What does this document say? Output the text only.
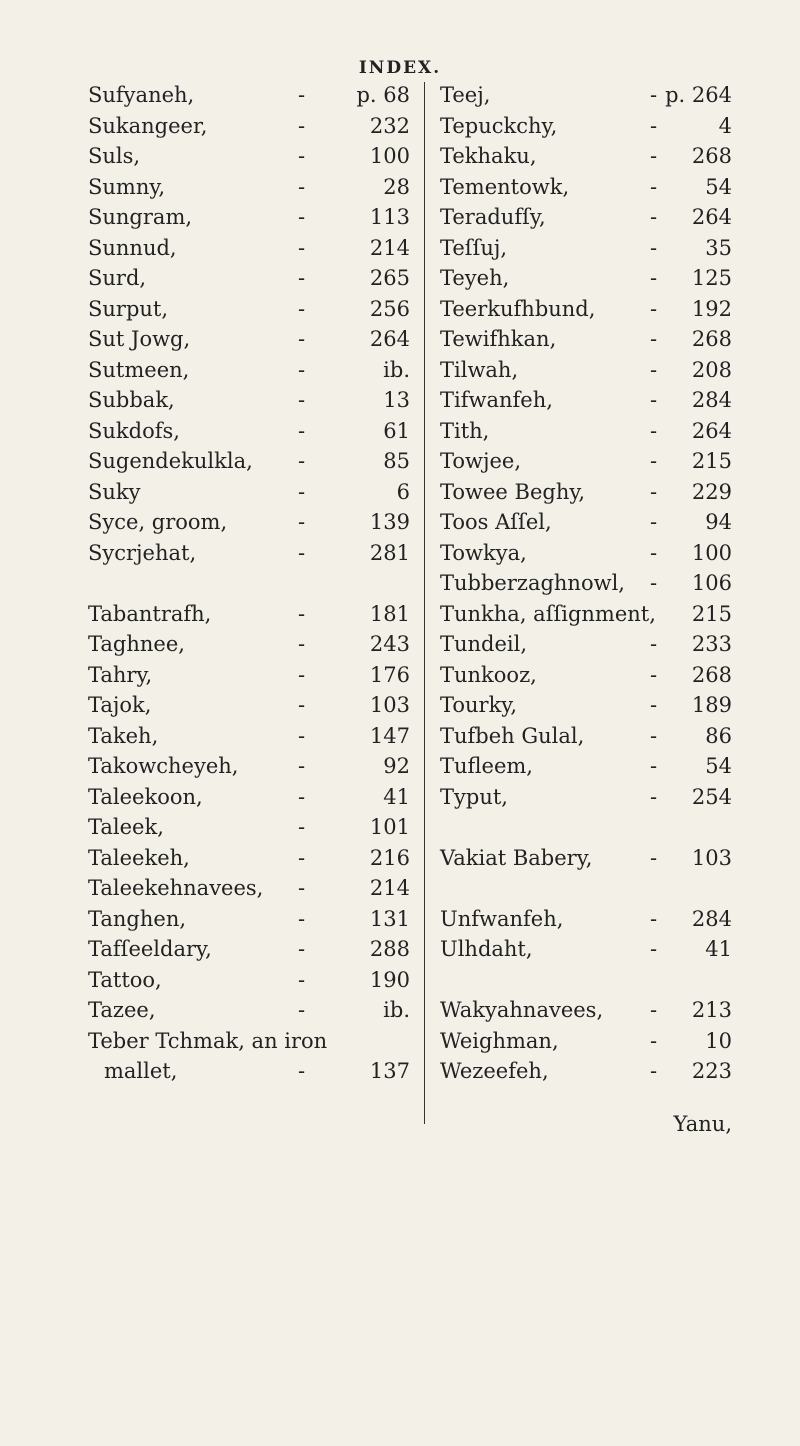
INDEX.
Sufyaneh,	- p. 68
Sukangeer,	-	232
Suls,	-	100
Sumny,	-	28
Sungram,	-	113
Sunnud,	-	214
Surd,	-	265
Surput,	-	256
Sut Jowg,	-	264
Sutmeen,	-	ib.
Subbak,	-	13
Sukdofs,	-	61
Sugendekulkla, -	85
Suky	-	6
Syce, groom,	-	139
Sycrjehat,	-	281
Tabantrafh,	-	181
Taghnee,	-	243
Tahry,	-	176
Tajok,	-	103
Takeh,	-	147
Takowcheyeh,	-	92
Taleekoon,	-	41
Taleek,	-	101
Taleekeh,	-	216
Taleekehnavees, -	214
Tanghen,	-	131
Tafſeeldary,	-	288
Tattoo,	-	190
Tazee,	-	ib.
Teber Tchmak, an iron
mallet,	-	137
Teej,	- p. 264
Tepuckchy,	-	4
Tekhaku,	- 268
Tementowk,	- 54
Teradufſy,	- 264
Teſſuj,	- 35
Teyeh,	- 125
Teerkufhbund,	- 192
Tewifhkan,	- 268
Tilwah,	- 208
Tifwanfeh,	- 284
Tith,	- 264
Towjee,	- 215
Towee Beghy,	- 229
Toos Aſſel,	- 94
Towkya,	- 100
Tubberzaghnowl, - 106
Tunkha, aſſignment, 215
Tundeil,	- 233
Tunkooz,	- 268
Tourky,	- 189
Tufbeh Gulal,	- 86
Tufleem,	- 54
Typut,	- 254
Vakiat Babery,	- 103
Unfwanfeh,	- 284
Ulhdaht,	- 41
Wakyahnavees, - 213
Weighman,	- 10
Wezeefeh,	- 223
Yanu,
